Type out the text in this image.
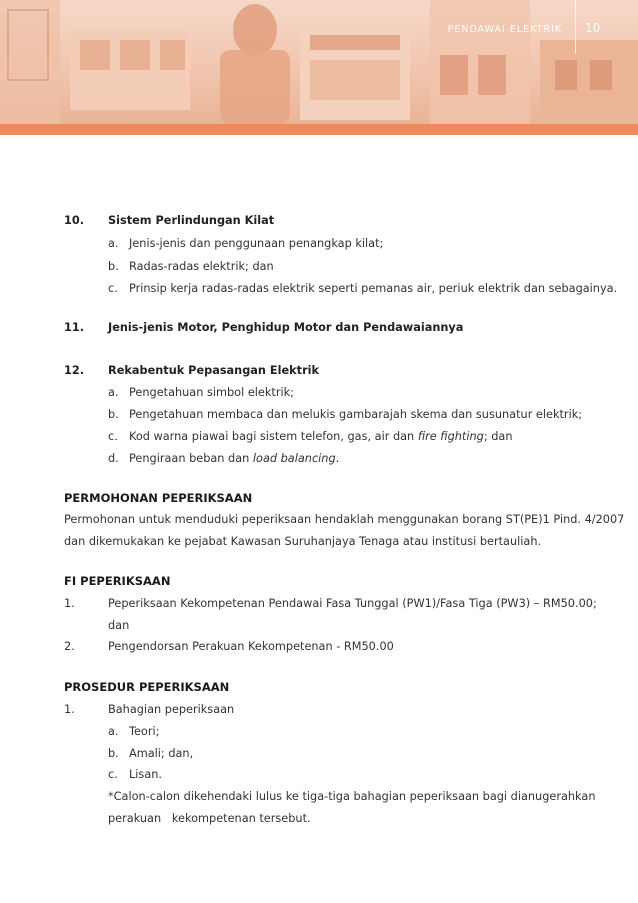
PENDAWAI ELEKTRIK 10
10. Sistem Perlindungan Kilat
a. Jenis-jenis dan penggunaan penangkap kilat;
b. Radas-radas elektrik; dan
c. Prinsip kerja radas-radas elektrik seperti pemanas air, periuk elektrik dan sebagainya.
11. Jenis-jenis Motor, Penghidup Motor dan Pendawaiannya
12. Rekabentuk Pepasangan Elektrik
a. Pengetahuan simbol elektrik;
b. Pengetahuan membaca dan melukis gambarajah skema dan susunatur elektrik;
c. Kod warna piawai bagi sistem telefon, gas, air dan fire fighting; dan
d. Pengiraan beban dan load balancing.
PERMOHONAN PEPERIKSAAN
Permohonan untuk menduduki peperiksaan hendaklah menggunakan borang ST(PE)1 Pind. 4/2007
dan dikemukakan ke pejabat Kawasan Suruhanjaya Tenaga atau institusi bertauliah.
FI PEPERIKSAAN
1.	Peperiksaan Kekompetenan Pendawai Fasa Tunggal (PW1)/Fasa Tiga (PW3) – RM50.00;
dan
2.	Pengendorsan Perakuan Kekompetenan - RM50.00
PROSEDUR PEPERIKSAAN
1.	Bahagian peperiksaan
a. Teori;
b. Amali; dan,
c. Lisan.
*Calon-calon dikehendaki lulus ke tiga-tiga bahagian peperiksaan bagi dianugerahkan
perakuan   kekompetenan tersebut.
